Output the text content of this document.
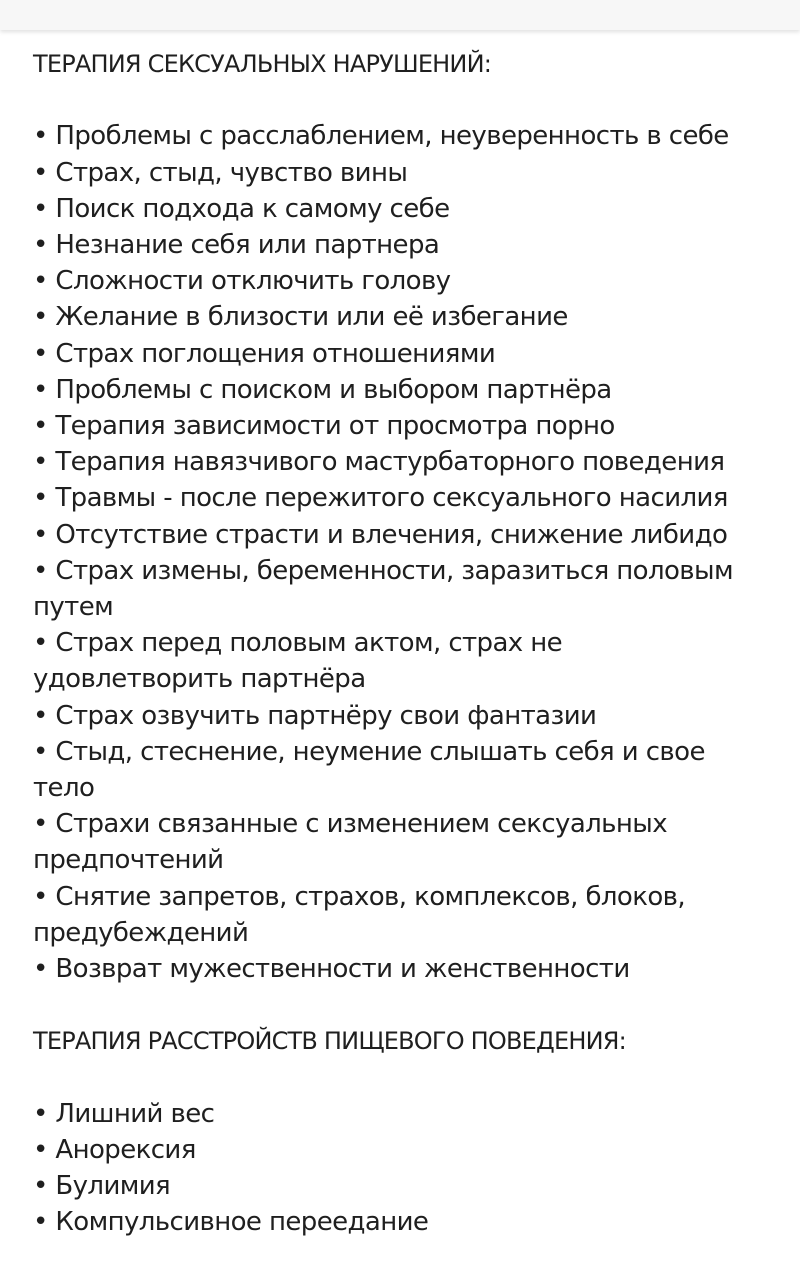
ТЕРАПИЯ СЕКСУАЛЬНЫХ НАРУШЕНИЙ:
• Проблемы с расслаблением, неуверенность в себе
• Страх, стыд, чувство вины
• Поиск подхода к самому себе
• Незнание себя или партнера
• Сложности отключить голову
• Желание в близости или её избегание
• Страх поглощения отношениями
• Проблемы с поиском и выбором партнёра
• Терапия зависимости от просмотра порно
• Терапия навязчивого мастурбаторного поведения
• Травмы - после пережитого сексуального насилия
• Отсутствие страсти и влечения, снижение либидо
• Страх измены, беременности, заразиться половым
путем
• Страх перед половым актом, страх не
удовлетворить партнёра
• Страх озвучить партнёру свои фантазии
• Стыд, стеснение, неумение слышать себя и свое
тело
• Страхи связанные с изменением сексуальных
предпочтений
• Снятие запретов, страхов, комплексов, блоков,
предубеждений
• Возврат мужественности и женственности
ТЕРАПИЯ РАССТРОЙСТВ ПИЩЕВОГО ПОВЕДЕНИЯ:
• Лишний вес
• Анорексия
• Булимия
• Компульсивное переедание
